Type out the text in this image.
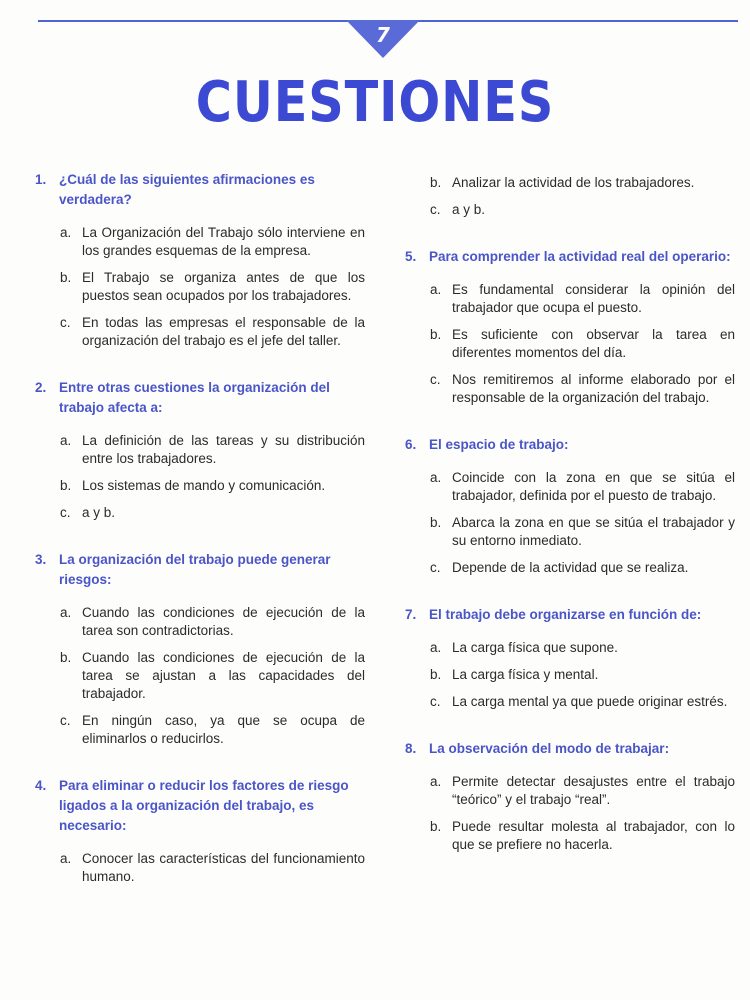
7
CUESTIONES
1. ¿Cuál de las siguientes afirmaciones es verdadera?
a. La Organización del Trabajo sólo interviene en los grandes esquemas de la empresa.
b. El Trabajo se organiza antes de que los puestos sean ocupados por los trabajadores.
c. En todas las empresas el responsable de la organización del trabajo es el jefe del taller.
2. Entre otras cuestiones la organización del trabajo afecta a:
a. La definición de las tareas y su distribución entre los trabajadores.
b. Los sistemas de mando y comunicación.
c. a y b.
3. La organización del trabajo puede generar riesgos:
a. Cuando las condiciones de ejecución de la tarea son contradictorias.
b. Cuando las condiciones de ejecución de la tarea se ajustan a las capacidades del trabajador.
c. En ningún caso, ya que se ocupa de eliminarlos o reducirlos.
4. Para eliminar o reducir los factores de riesgo ligados a la organización del trabajo, es necesario:
a. Conocer las características del funcionamiento humano.
b. Analizar la actividad de los trabajadores.
c. a y b.
5. Para comprender la actividad real del operario:
a. Es fundamental considerar la opinión del trabajador que ocupa el puesto.
b. Es suficiente con observar la tarea en diferentes momentos del día.
c. Nos remitiremos al informe elaborado por el responsable de la organización del trabajo.
6. El espacio de trabajo:
a. Coincide con la zona en que se sitúa el trabajador, definida por el puesto de trabajo.
b. Abarca la zona en que se sitúa el trabajador y su entorno inmediato.
c. Depende de la actividad que se realiza.
7. El trabajo debe organizarse en función de:
a. La carga física que supone.
b. La carga física y mental.
c. La carga mental ya que puede originar estrés.
8. La observación del modo de trabajar:
a. Permite detectar desajustes entre el trabajo “teórico” y el trabajo “real”.
b. Puede resultar molesta al trabajador, con lo que se prefiere no hacerla.
